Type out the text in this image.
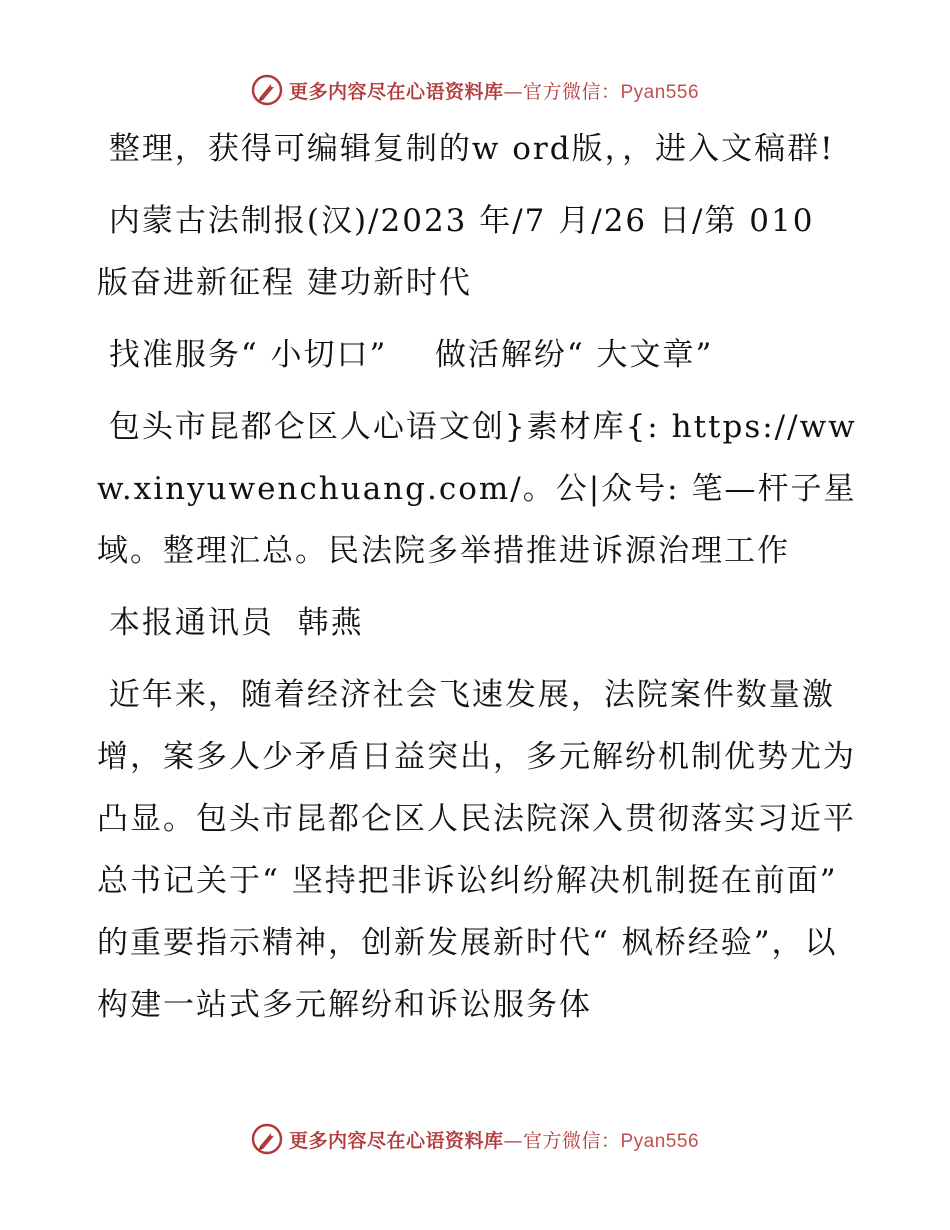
更多内容尽在心语资料库—官方微信：Pyan556

整理，获得可编辑复制的w ord版，，进入文稿群!

内蒙古法制报(汉)/2023 年/7 月/26 日/第 010 版奋进新征程 建功新时代

找准服务“ 小切口”    做活解纷“ 大文章”

包头市昆都仑区人心语文创}素材库{: https://www.xinyuwenchuang.com/。公|众号: 笔—杆子星域。整理汇总。民法院多举措推进诉源治理工作

本报通讯员  韩燕

近年来，随着经济社会飞速发展，法院案件数量激增，案多人少矛盾日益突出，多元解纷机制优势尤为凸显。包头市昆都仑区人民法院深入贯彻落实习近平总书记关于“ 坚持把非诉讼纠纷解决机制挺在前面” 的重要指示精神，创新发展新时代“ 枫桥经验”，以构建一站式多元解纷和诉讼服务体

更多内容尽在心语资料库—官方微信：Pyan556
